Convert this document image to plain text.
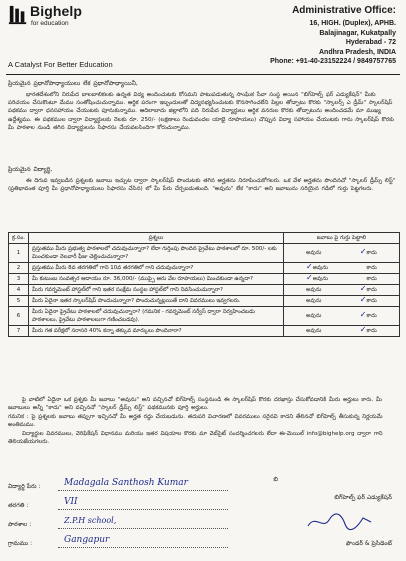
Bighelp
for education
A Catalyst For Better Education
Administrative Office:
16, HIGH. (Duplex), APHB.
Balajinagar, Kukatpally
Hyderabad - 72
Andhra Pradesh, INDIA
Phone: +91-40-23152224 / 9849757765
ప్రియమైన ప్రధానోపాధ్యాయులు లేక ప్రధానోపాధ్యాయినీ,
భారతదేశంలోని నిరుపేద బాలబాలికలకు ఉన్నత విద్య అందించుటకు కోసమని పాటుపడుతున్న సాంఘిక సేవా సంస్థ అయిన "బిగ్‌హెల్ప్ ఫర్ ఎడ్యుకేషన్" మీకు పరిచయం చేసుకొంటూ మేము సంతోషించుచున్నాము. ఆర్థిక పరంగా ఇబ్బందులతో విద్యనభ్యసించుటకు కొనసాగించలేని పిల్లల తోడ్పాటు కొరకు "స్కాలర్స్ ఎ డ్రీమ్" స్కాలర్‌షిప్ పథకము ద్వారా ధనసహాయం చేయుటకు పూనుకున్నాము. ఆదిలాబాదు జిల్లాలోని పది నిరుపేద విద్యార్థులు ఆర్థిక వనరుల కొరకు తోడ్పాటును అందించడమే మా ముఖ్య ఉద్దేశ్యము. ఈ పథకముల ద్వారా విద్యార్థులకు నెలకు రూ. 250/- (లక్షణాలు రెండువందల యాభై రూపాయలు) చొప్పున విద్యా సహాయం చేయుటకు గాను స్కాలర్‌షిప్ కొరకు మీ పాఠశాల నుండి తగిన విద్యార్థులను సిఫారసు చేయవలసిందిగా కోరుచున్నాము.
ప్రియమైన విద్యార్థి,
ఈ దిగువ ఇవ్వబడిన ప్రశ్నలకు జవాబు ఇచ్చుట ద్వారా స్కాలర్‌షిప్ పొందుటకు తగిన అర్హతను నిరూపించుకోగలరు. ఒక వేళ అర్హతను పొందినచో "స్కాలర్ డ్రీమ్స్ లిస్ట్" (ప్రతిభావంత పూర్తి మీ ప్రధానోపాధ్యాయులు సిఫారసు చేసిన) లో మీ పేరు చేర్చబడుతుంది. "అవును" లేక "కాదు" అని జవాబును సరియైన గడిలో గుర్తు పెట్టగలరు.
క్ర.సం.	ప్రశ్నలు	జవాబు పై గుర్తు పెట్టాలి
1	ప్రస్తుతము మీరు ప్రభుత్వ పాఠశాలలో చదువుచున్నారా? లేదా గుర్తింపు పొందిన ప్రైవేటు పాఠశాలలో రూ. 500/- లకు మించకుండా నెలవారీ ఫీజు చెల్లించుచున్నారా?	అవును ✓కాదు

2	ప్రస్తుతము మీరు 8వ తరగతిలో గాని 10వ తరగతిలో గాని చదువుచున్నారా?	✓అవును కాదు

3	మీ కుటుంబ సంవత్సర ఆదాయం రూ. 36,000/- (ముప్పై ఆరు వేల రూపాయలు) మించకుండా ఉన్నదా?	✓అవును కాదు

4	మీరు గవర్నమెంట్ హాస్టల్‌లో గాని ఇతర సంక్షేమ సంస్థల హాస్టల్‌లో గాని నివసించుచున్నారా?	అవును ✓కాదు

5	మీరు ఏదైనా ఇతర స్కాలర్‌షిప్ పొందుచున్నారా? పొందుచున్నట్లయితే దాని వివరములు ఇవ్వగలరు.	అవును ✓కాదు

6	మీరు ఏదైనా ప్రైవేటు పాఠశాలలో చదువుచున్నారా? (గమనిక - గవర్నమెంట్ సర్వీస్ ద్వారా నిర్వహించబడు పాఠశాలలు, ప్రైవేటు పాఠశాలలుగా గణించబడవు).	అవును ✓కాదు

7	మీరు గత పరీక్షలో సరాసరి 40% కన్నా తక్కువ మార్కులు పొందినారా?	అవును ✓కాదు
పై వాటిలో ఏదైనా ఒక ప్రశ్నకు మీ జవాబు "అవును" అని వచ్చినచో బిగ్‌హెల్ప్ సంస్థనుండి ఈ స్కాలర్‌షిప్ కొరకు దరఖాస్తు చేసుకోవడానికి మీరు అర్హులు కారు. మీ జవాబులు అన్నీ "కాదు" అని వచ్చినచో "స్కాలర్ డ్రీమ్స్ లిస్ట్" పథకమునకు పూర్తి అర్హులు.
గమనిక : పై ప్రశ్నలకు జవాబు తప్పుగా ఇచ్చినచో మీ అర్హత రద్దు చేయబడును. తదుపరి విచారణలో వివరములు సరైనవి కాదని తేలినచో బిగ్‌హెల్ప్ తీసుకున్న నిర్ణయమే అంతిమము.
విద్యార్థుల వివరములు, వెరిఫికేషన్ విధానము మరియు ఇతర విషయాల కొరకు మా వెబ్‌సైట్ సందర్శించగలరు లేదా ఈ-మెయిల్ info@bighelp.org ద్వారా గాని తెలియజేయగలరు.
విద్యార్థి పేరు :	Madagala Santhosh Kumar
తరగతి :	VII
పాఠశాల :	Z.P.H school,
గ్రామము :	Gangapur
బి
బిగ్‌హెల్ప్ ఫర్ ఎడ్యుకేషన్
ఫౌండర్ & ప్రెసిడెంట్
